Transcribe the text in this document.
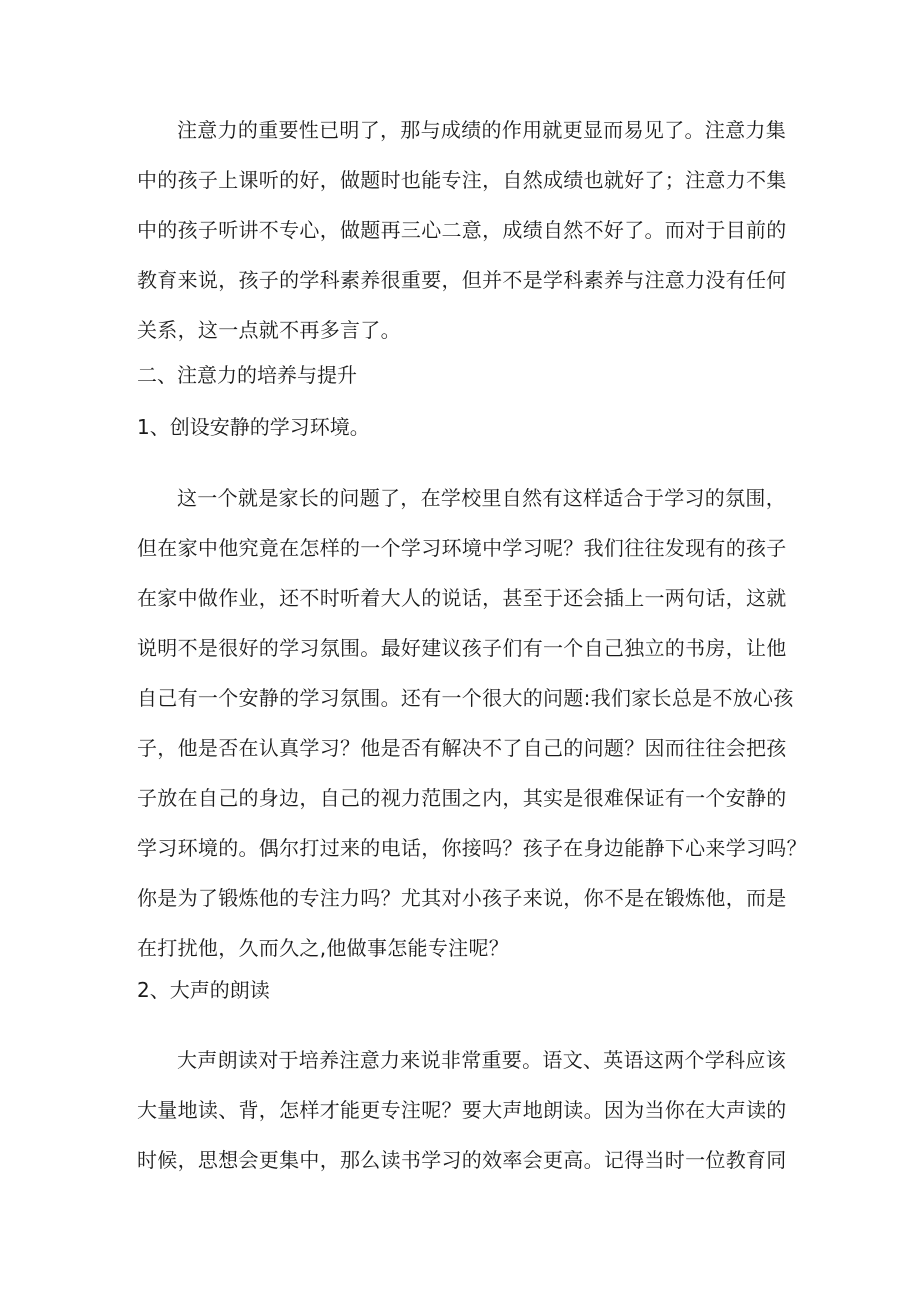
注意力的重要性已明了，那与成绩的作用就更显而易见了。注意力集
中的孩子上课听的好，做题时也能专注，自然成绩也就好了；注意力不集
中的孩子听讲不专心，做题再三心二意，成绩自然不好了。而对于目前的
教育来说，孩子的学科素养很重要，但并不是学科素养与注意力没有任何
关系，这一点就不再多言了。
二、注意力的培养与提升
1、创设安静的学习环境。
这一个就是家长的问题了，在学校里自然有这样适合于学习的氛围，
但在家中他究竟在怎样的一个学习环境中学习呢？我们往往发现有的孩子
在家中做作业，还不时听着大人的说话，甚至于还会插上一两句话，这就
说明不是很好的学习氛围。最好建议孩子们有一个自己独立的书房，让他
自己有一个安静的学习氛围。还有一个很大的问题:我们家长总是不放心孩
子，他是否在认真学习？他是否有解决不了自己的问题？因而往往会把孩
子放在自己的身边，自己的视力范围之内，其实是很难保证有一个安静的
学习环境的。偶尔打过来的电话，你接吗？孩子在身边能静下心来学习吗？
你是为了锻炼他的专注力吗？尤其对小孩子来说，你不是在锻炼他，而是
在打扰他，久而久之,他做事怎能专注呢？
2、大声的朗读
大声朗读对于培养注意力来说非常重要。语文、英语这两个学科应该
大量地读、背，怎样才能更专注呢？要大声地朗读。因为当你在大声读的
时候，思想会更集中，那么读书学习的效率会更高。记得当时一位教育同
